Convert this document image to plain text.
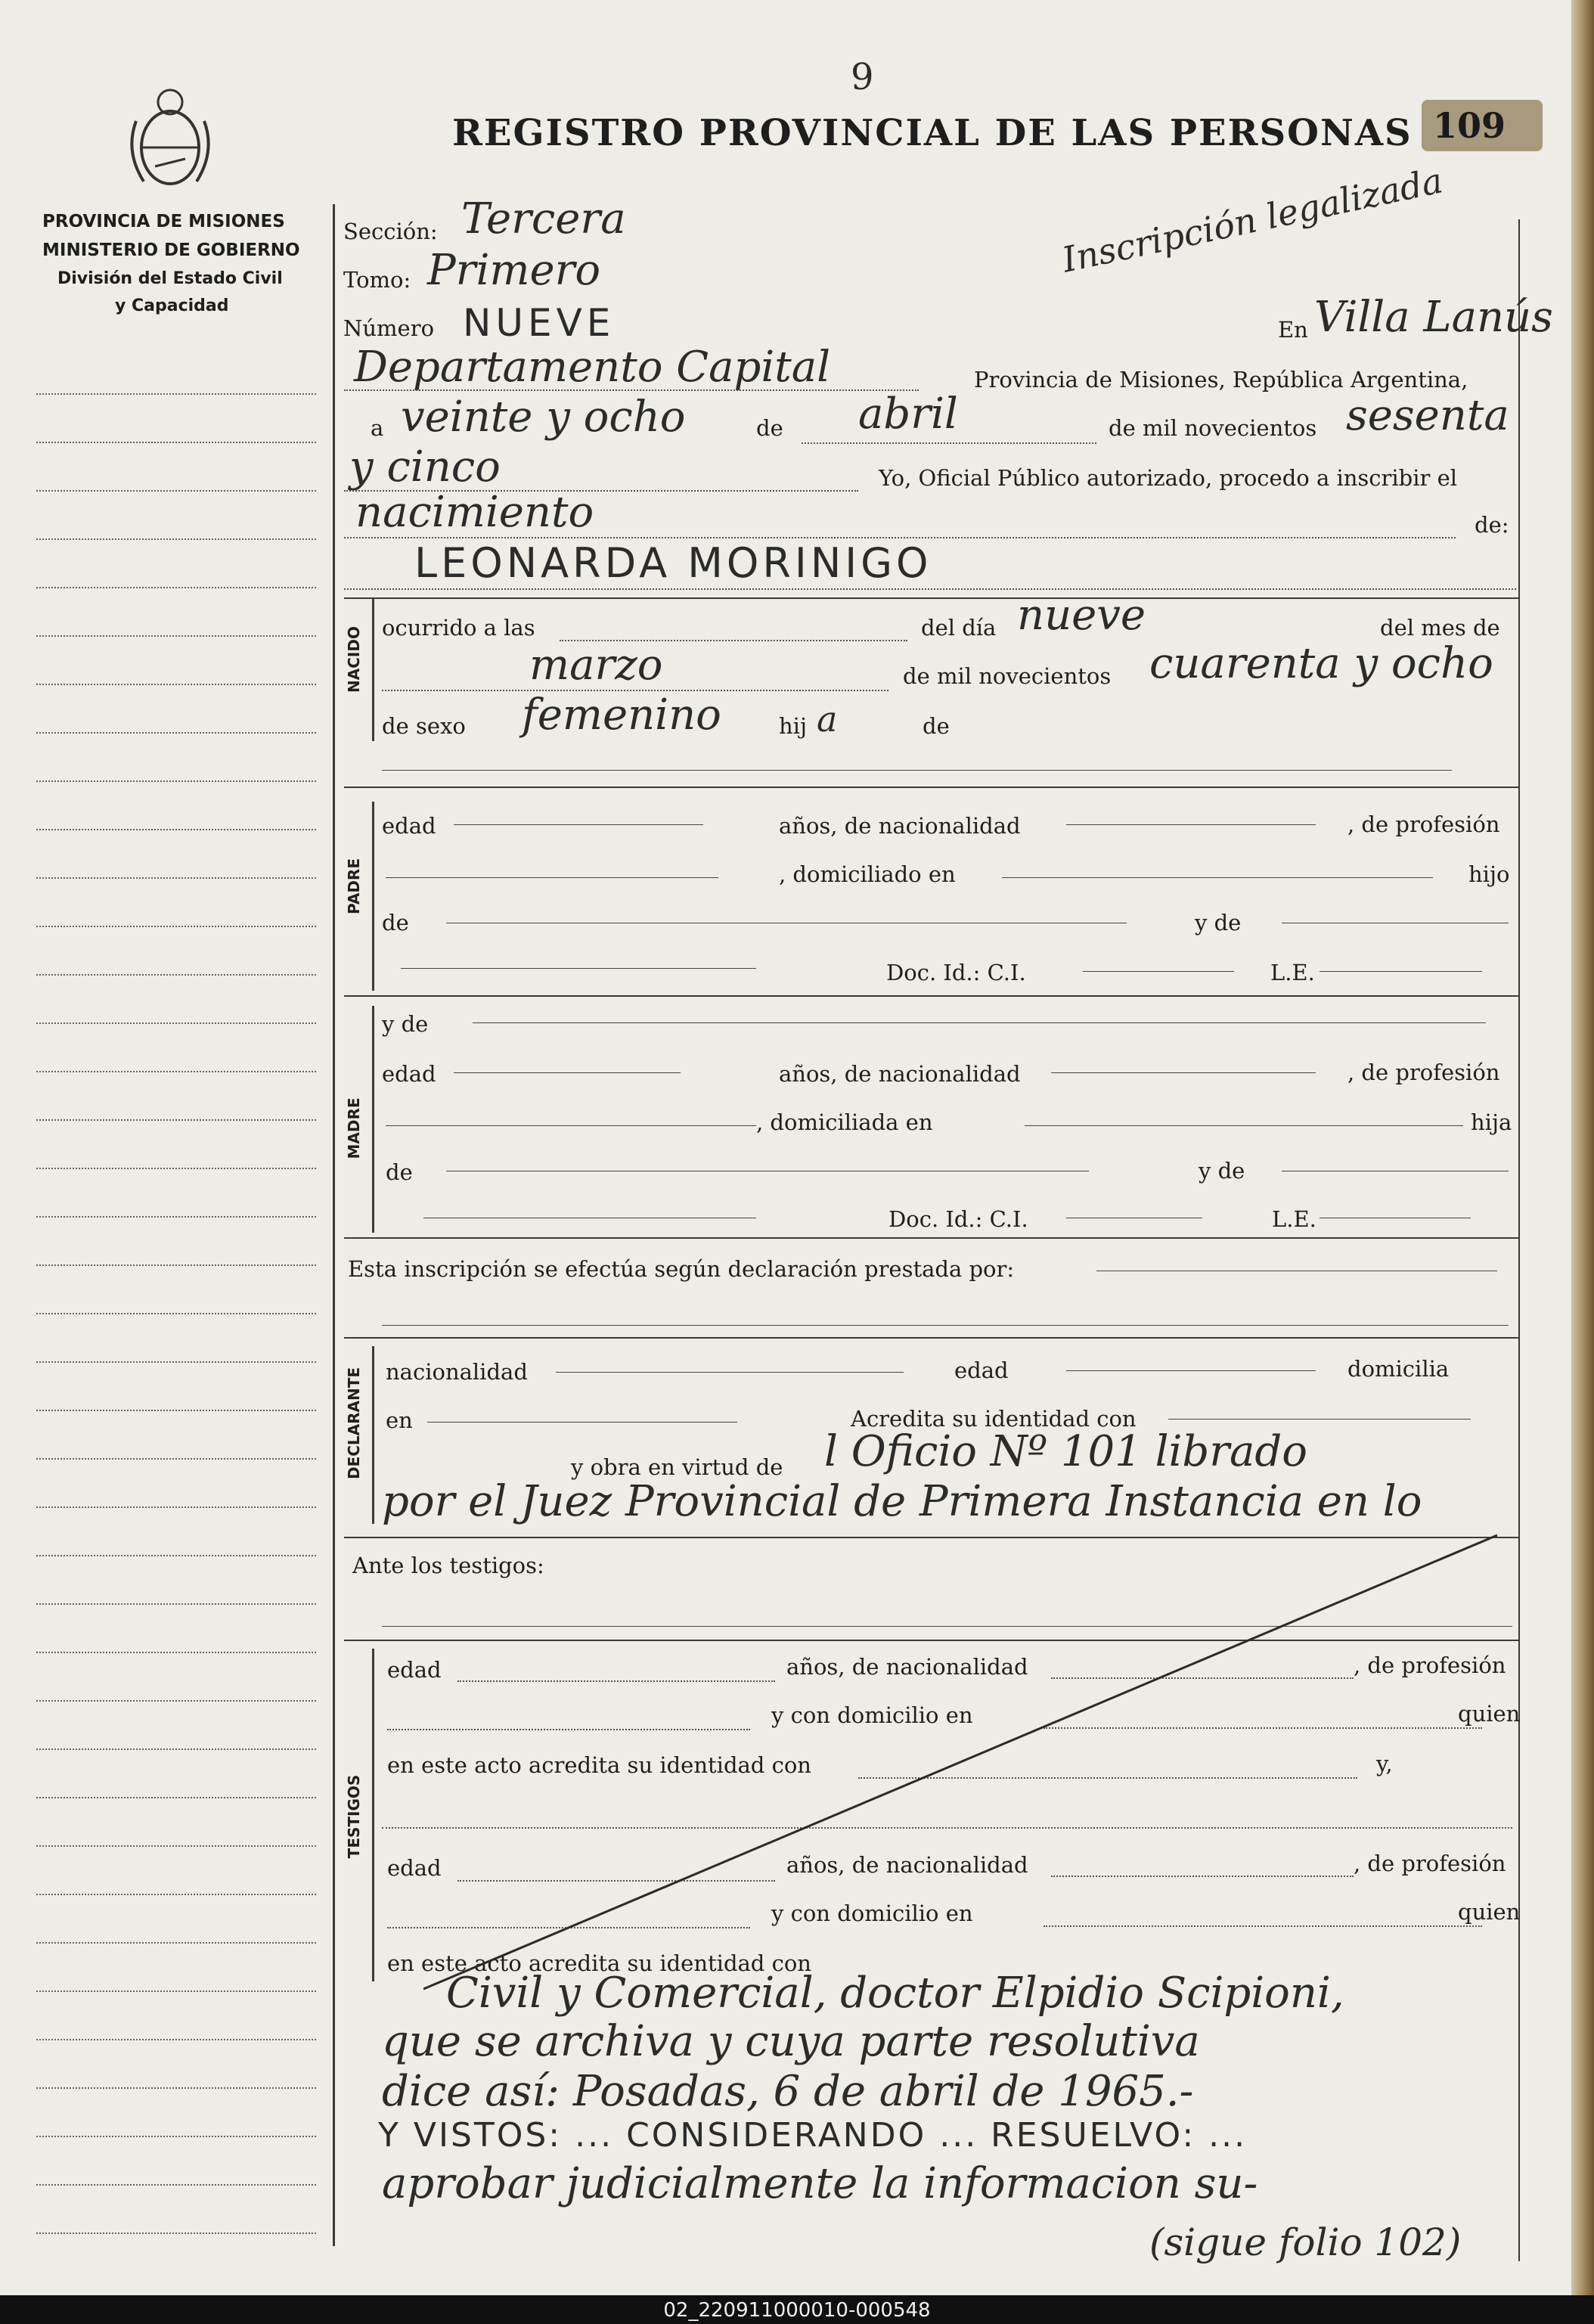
PROVINCIA DE MISIONES
MINISTERIO DE GOBIERNO
División del Estado Civil
y Capacidad
9
REGISTRO PROVINCIAL DE LAS PERSONAS 109
Inscripción legalizada
Sección: Tercera
Tomo: Primero
Número NUEVE	En Villa Lanús
Departamento Capital	Provincia de Misiones, República Argentina,
a veinte y ocho	de abril	de mil novecientos sesenta
y cinco	Yo, Oficial Público autorizado, procedo a inscribir el
nacimiento	de:
LEONARDA MORINIGO
NACIDO ocurrido a las	del día nueve	del mes de
marzo	de mil novecientos cuarenta y ocho
de sexo femenino	hij a	de
PADRE
edad	años, de nacionalidad	, de profesión
, domiciliado en	hijo
de	y de
Doc. Id.: C.I.	L.E.
MADRE
y de
edad	años, de nacionalidad	, de profesión
, domiciliada en	hija
de	y de
Doc. Id.: C.I.	L.E.
Esta inscripción se efectúa según declaración prestada por:
DECLARANTE nacionalidad	edad	domicilia
en	Acredita su identidad con
y obra en virtud de l Oficio Nº 101 librado
por el Juez Provincial de Primera Instancia en lo
Ante los testigos:
TESTIGOS
edad	años, de nacionalidad	, de profesión
y con domicilio en	quien
en este acto acredita su identidad con	y,
edad	años, de nacionalidad	, de profesión
y con domicilio en	quien
en este acto acredita su identidad con
Civil y Comercial, doctor Elpidio Scipioni,
que se archiva y cuya parte resolutiva
dice así: Posadas, 6 de abril de 1965.-
Y VISTOS: ... CONSIDERANDO ... RESUELVO: ...
aprobar judicialmente la informacion su-
(sigue folio 102)
02_220911000010-000548
